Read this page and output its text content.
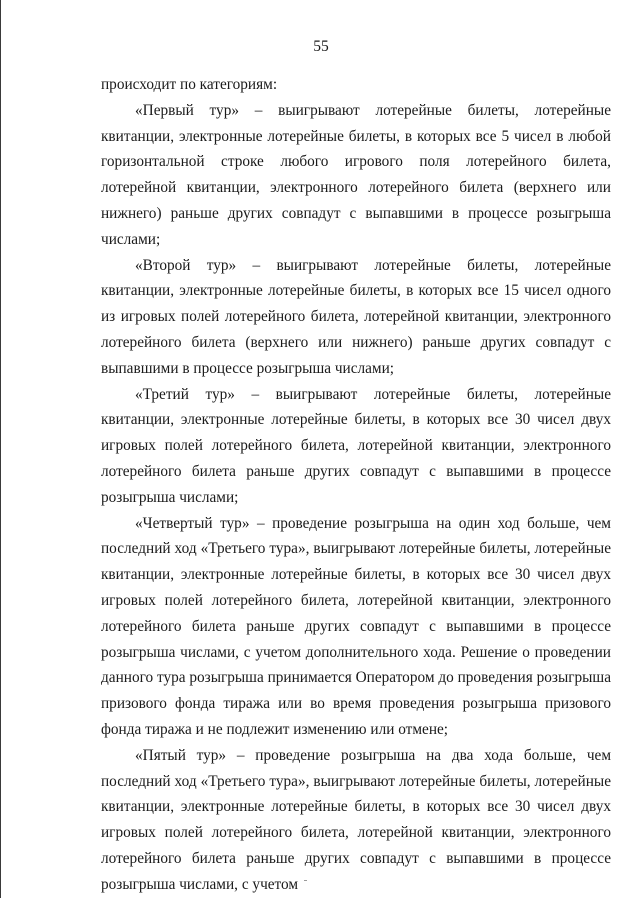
55

происходит по категориям:

«Первый тур» – выигрывают лотерейные билеты, лотерейные квитанции, электронные лотерейные билеты, в которых все 5 чисел в любой горизонтальной строке любого игрового поля лотерейного билета, лотерейной квитанции, электронного лотерейного билета (верхнего или нижнего) раньше других совпадут с выпавшими в процессе розыгрыша числами;

«Второй тур» – выигрывают лотерейные билеты, лотерейные квитанции, электронные лотерейные билеты, в которых все 15 чисел одного из игровых полей лотерейного билета, лотерейной квитанции, электронного лотерейного билета (верхнего или нижнего) раньше других совпадут с выпавшими в процессе розыгрыша числами;

«Третий тур» – выигрывают лотерейные билеты, лотерейные квитанции, электронные лотерейные билеты, в которых все 30 чисел двух игровых полей лотерейного билета, лотерейной квитанции, электронного лотерейного билета раньше других совпадут с выпавшими в процессе розыгрыша числами;

«Четвертый тур» – проведение розыгрыша на один ход больше, чем последний ход «Третьего тура», выигрывают лотерейные билеты, лотерейные квитанции, электронные лотерейные билеты, в которых все 30 чисел двух игровых полей лотерейного билета, лотерейной квитанции, электронного лотерейного билета раньше других совпадут с выпавшими в процессе розыгрыша числами, с учетом дополнительного хода. Решение о проведении данного тура розыгрыша принимается Оператором до проведения розыгрыша призового фонда тиража или во время проведения розыгрыша призового фонда тиража и не подлежит изменению или отмене;

«Пятый тур» – проведение розыгрыша на два хода больше, чем последний ход «Третьего тура», выигрывают лотерейные билеты, лотерейные квитанции, электронные лотерейные билеты, в которых все 30 чисел двух игровых полей лотерейного билета, лотерейной квитанции, электронного лотерейного билета раньше других совпадут с выпавшими в процессе розыгрыша числами, с учетом
